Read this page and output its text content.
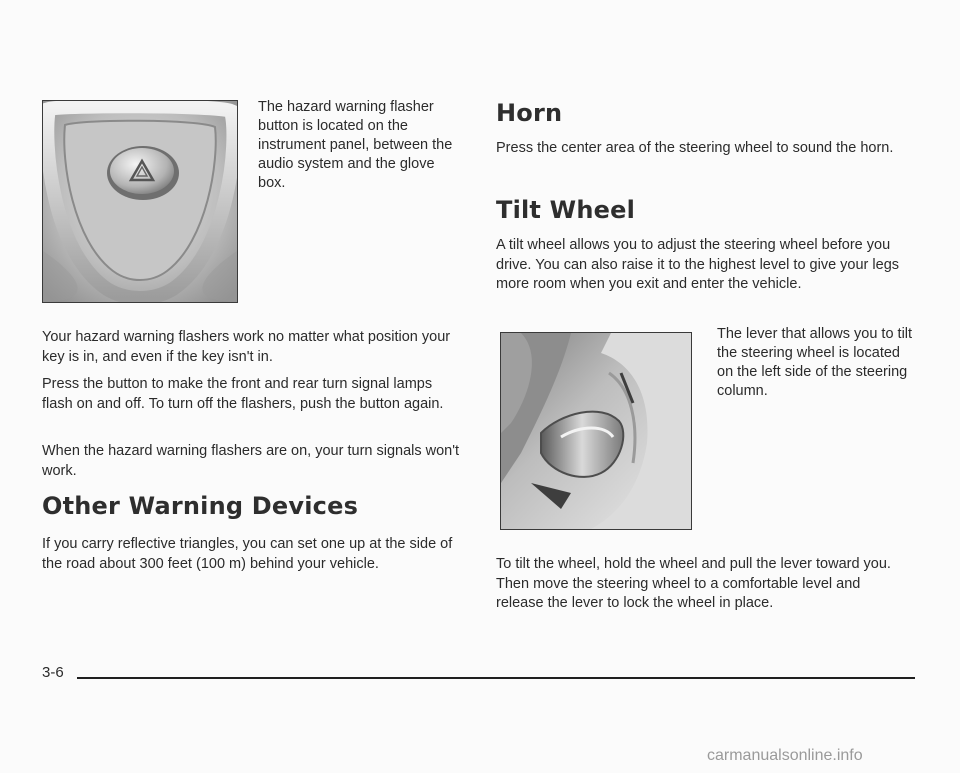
The hazard warning flasher button is located on the instrument panel, between the audio system and the glove box.

Your hazard warning flashers work no matter what position your key is in, and even if the key isn't in.

Press the button to make the front and rear turn signal lamps flash on and off. To turn off the flashers, push the button again.

When the hazard warning flashers are on, your turn signals won't work.

Other Warning Devices

If you carry reflective triangles, you can set one up at the side of the road about 300 feet (100 m) behind your vehicle.

Horn

Press the center area of the steering wheel to sound the horn.

Tilt Wheel

A tilt wheel allows you to adjust the steering wheel before you drive. You can also raise it to the highest level to give your legs more room when you exit and enter the vehicle.

The lever that allows you to tilt the steering wheel is located on the left side of the steering column.

To tilt the wheel, hold the wheel and pull the lever toward you. Then move the steering wheel to a comfortable level and release the lever to lock the wheel in place.

3-6
carmanualsonline.info
